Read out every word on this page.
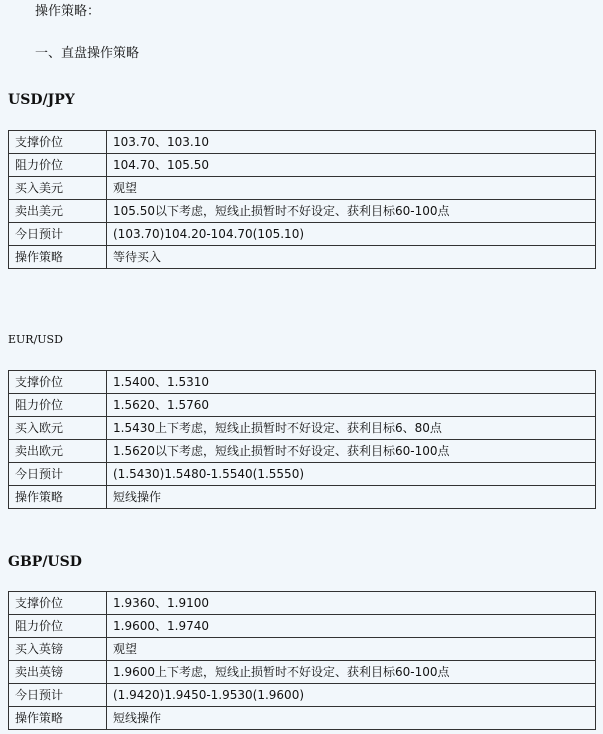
操作策略：
一、直盘操作策略
USD/JPY
支撑价位	103.70、103.10
阻力价位	104.70、105.50
买入美元	观望
卖出美元	105.50以下考虑，短线止损暂时不好设定、获利目标60-100点
今日预计	(103.70)104.20-104.70(105.10)
操作策略	等待买入
EUR/USD
支撑价位	1.5400、1.5310
阻力价位	1.5620、1.5760
买入欧元	1.5430上下考虑，短线止损暂时不好设定、获利目标6、80点
卖出欧元	1.5620以下考虑，短线止损暂时不好设定、获利目标60-100点
今日预计	(1.5430)1.5480-1.5540(1.5550)
操作策略	短线操作
GBP/USD
支撑价位	1.9360、1.9100
阻力价位	1.9600、1.9740
买入英镑	观望
卖出英镑	1.9600上下考虑，短线止损暂时不好设定、获利目标60-100点
今日预计	(1.9420)1.9450-1.9530(1.9600)
操作策略	短线操作
